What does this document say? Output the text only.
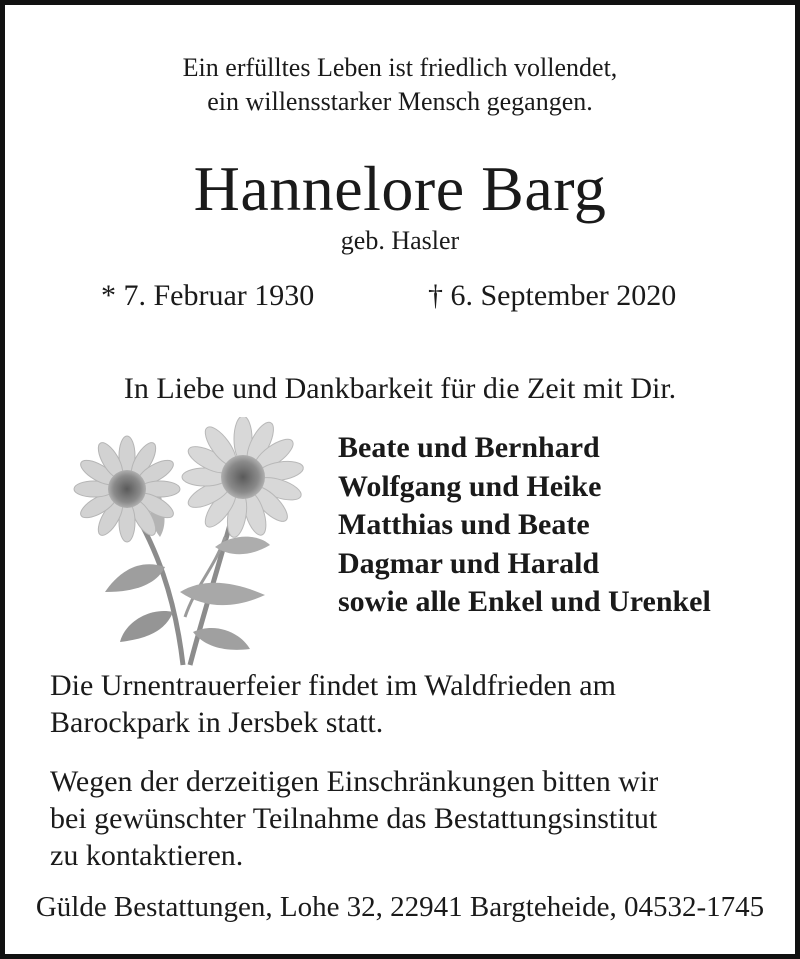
Ein erfülltes Leben ist friedlich vollendet,
ein willensstarker Mensch gegangen.
Hannelore Barg
geb. Hasler
* 7. Februar 1930	† 6. September 2020
In Liebe und Dankbarkeit für die Zeit mit Dir.
Beate und Bernhard
Wolfgang und Heike
Matthias und Beate
Dagmar und Harald
sowie alle Enkel und Urenkel
Die Urnentrauerfeier findet im Waldfrieden am
Barockpark in Jersbek statt.
Wegen der derzeitigen Einschränkungen bitten wir
bei gewünschter Teilnahme das Bestattungsinstitut
zu kontaktieren.
Gülde Bestattungen, Lohe 32, 22941 Bargteheide, 04532-1745
